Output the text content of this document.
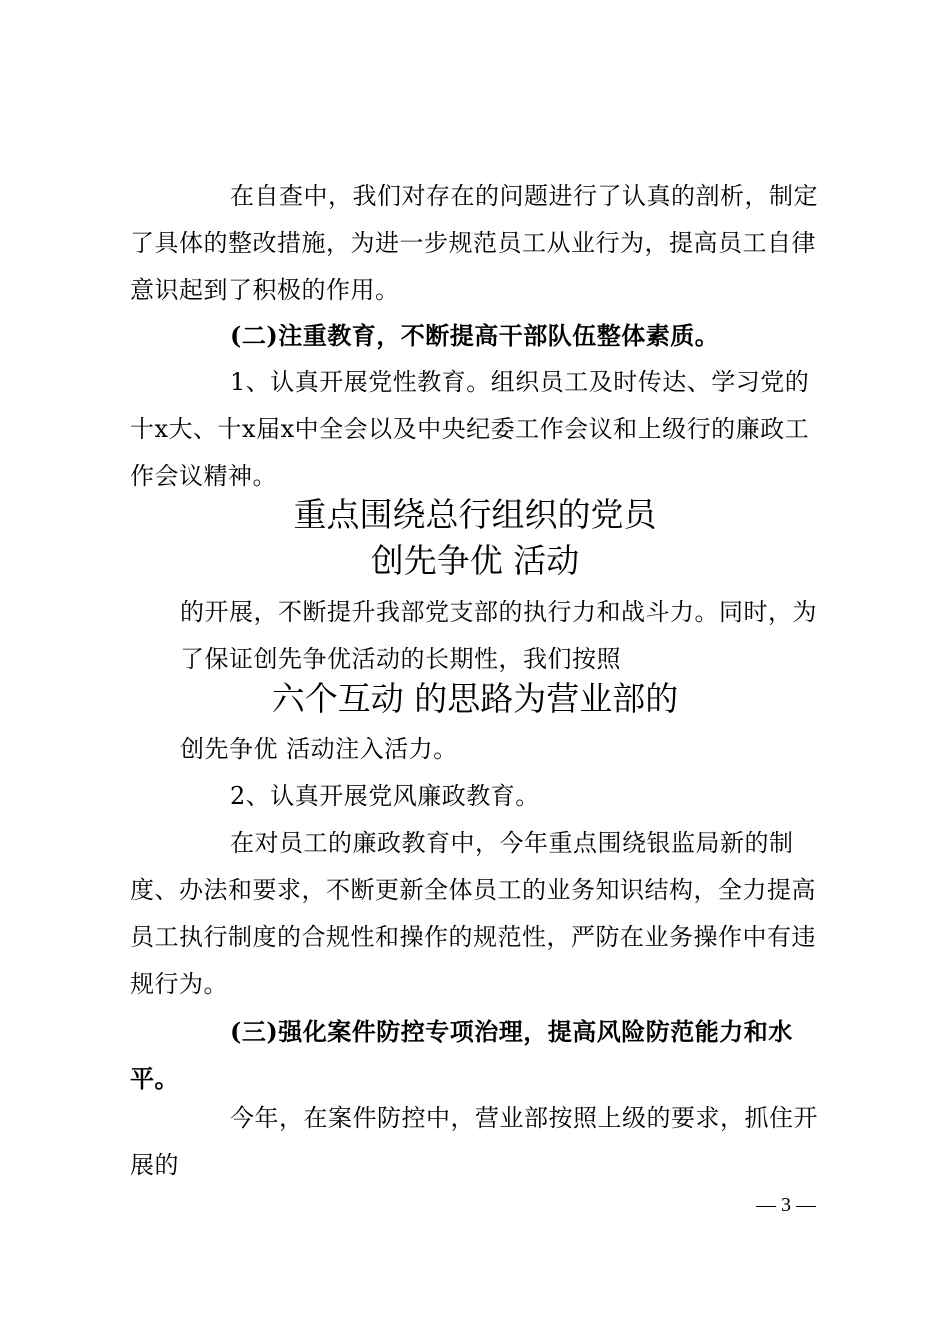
在自查中，我们对存在的问题进行了认真的剖析，制定了具体的整改措施，为进一步规范员工从业行为，提高员工自律意识起到了积极的作用。

(二)注重教育，不断提高干部队伍整体素质。

1、认真开展党性教育。组织员工及时传达、学习党的十x大、十x届x中全会以及中央纪委工作会议和上级行的廉政工作会议精神。

重点围绕总行组织的党员

创先争优 活动

的开展，不断提升我部党支部的执行力和战斗力。同时，为了保证创先争优活动的长期性，我们按照

六个互动 的思路为营业部的

创先争优 活动注入活力。

2、认真开展党风廉政教育。

在对员工的廉政教育中，今年重点围绕银监局新的制度、办法和要求，不断更新全体员工的业务知识结构，全力提高员工执行制度的合规性和操作的规范性，严防在业务操作中有违规行为。

(三)强化案件防控专项治理，提高风险防范能力和水平。

今年，在案件防控中，营业部按照上级的要求，抓住开展的

— 3 —
